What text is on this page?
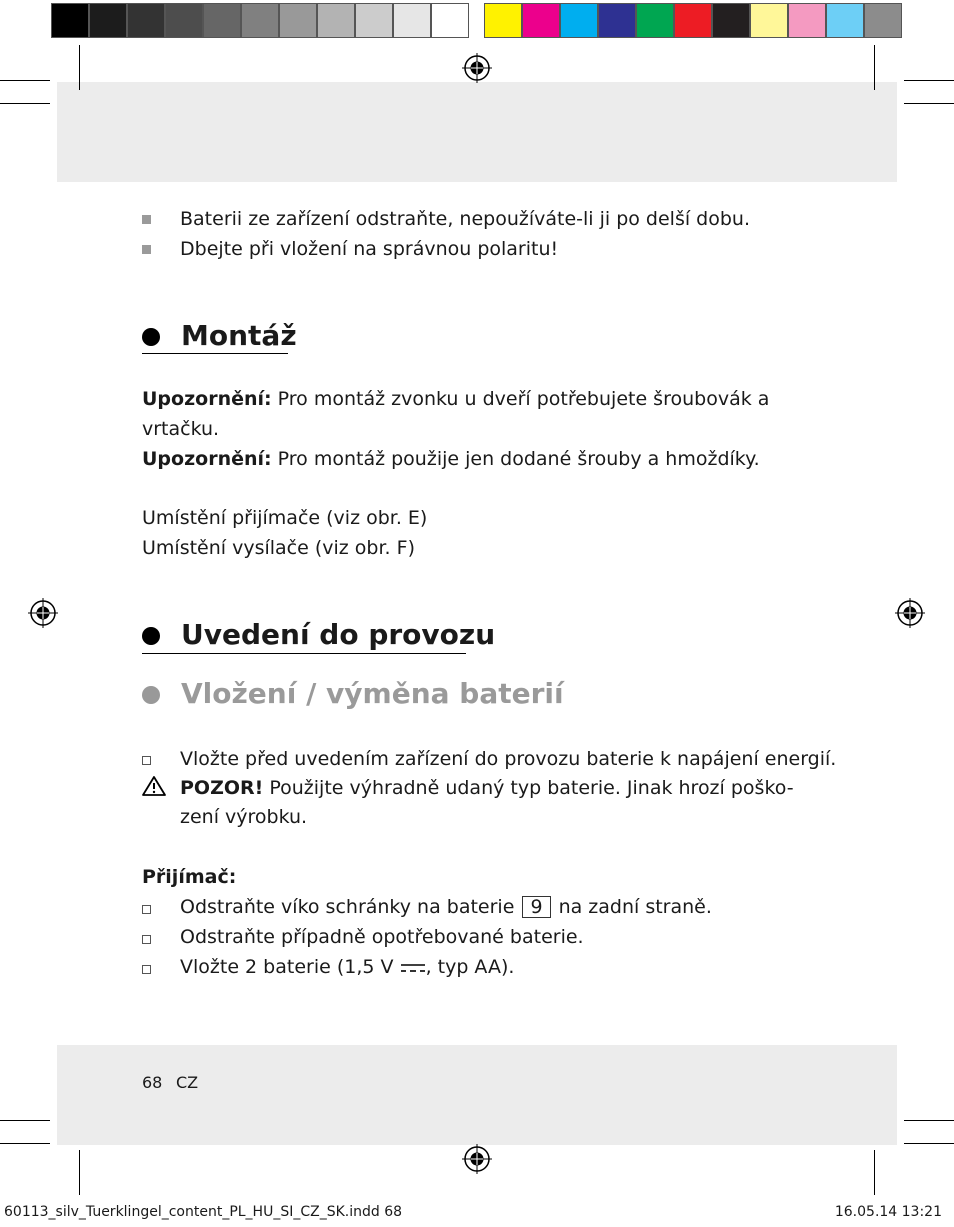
Baterii ze zařízení odstraňte, nepoužíváte-li ji po delší dobu.
Dbejte při vložení na správnou polaritu!
Montáž
Upozornění: Pro montáž zvonku u dveří potřebujete šroubovák a
vrtačku.
Upozornění: Pro montáž použije jen dodané šrouby a hmoždíky.
Umístění přijímače (viz obr. E)
Umístění vysílače (viz obr. F)
Uvedení do provozu
Vložení / výměna baterií
Vložte před uvedením zařízení do provozu baterie k napájení energií.
POZOR! Použijte výhradně udaný typ baterie. Jinak hrozí poško-
zení výrobku.
Přijímač:
Odstraňte víko schránky na baterie 9 na zadní straně.
Odstraňte případně opotřebované baterie.
Vložte 2 baterie (1,5 V , typ AA).
68 CZ
60113_silv_Tuerklingel_content_PL_HU_SI_CZ_SK.indd 68	16.05.14 13:21
